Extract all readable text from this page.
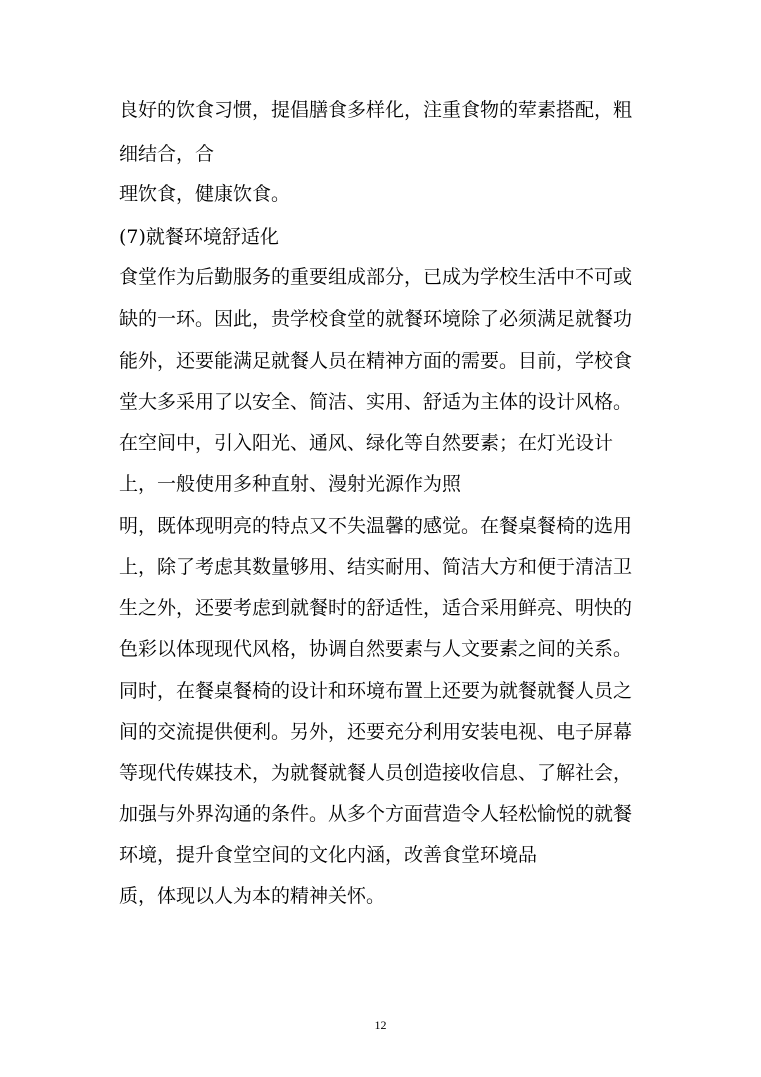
良好的饮食习惯，提倡膳食多样化，注重食物的荤素搭配，粗
细结合，合
理饮食，健康饮食。
(7)就餐环境舒适化
食堂作为后勤服务的重要组成部分，已成为学校生活中不可或
缺的一环。因此，贵学校食堂的就餐环境除了必须满足就餐功
能外，还要能满足就餐人员在精神方面的需要。目前，学校食
堂大多采用了以安全、简洁、实用、舒适为主体的设计风格。
在空间中，引入阳光、通风、绿化等自然要素；在灯光设计
上，一般使用多种直射、漫射光源作为照
明，既体现明亮的特点又不失温馨的感觉。在餐桌餐椅的选用
上，除了考虑其数量够用、结实耐用、简洁大方和便于清洁卫
生之外，还要考虑到就餐时的舒适性，适合采用鲜亮、明快的
色彩以体现现代风格，协调自然要素与人文要素之间的关系。
同时，在餐桌餐椅的设计和环境布置上还要为就餐就餐人员之
间的交流提供便利。另外，还要充分利用安装电视、电子屏幕
等现代传媒技术，为就餐就餐人员创造接收信息、了解社会，
加强与外界沟通的条件。从多个方面营造令人轻松愉悦的就餐
环境，提升食堂空间的文化内涵，改善食堂环境品
质，体现以人为本的精神关怀。
12
